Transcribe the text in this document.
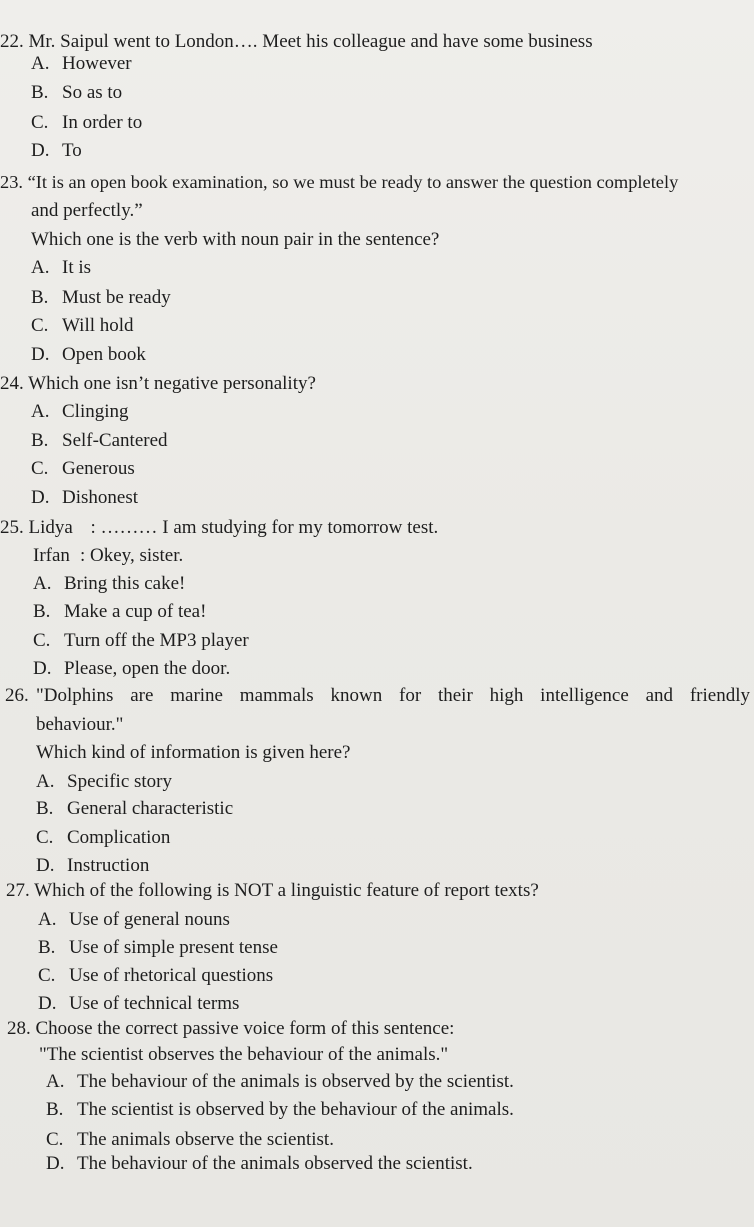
22. Mr. Saipul went to London…. Meet his colleague and have some business
A. However
B. So as to
C. In order to
D. To
23. “It is an open book examination, so we must be ready to answer the question completely
and perfectly.”
Which one is the verb with noun pair in the sentence?
A. It is
B. Must be ready
C. Will hold
D. Open book
24. Which one isn’t negative personality?
A. Clinging
B. Self-Cantered
C. Generous
D. Dishonest
25. Lidya : ……… I am studying for my tomorrow test.
Irfan : Okey, sister.
A. Bring this cake!
B. Make a cup of tea!
C. Turn off the MP3 player
D. Please, open the door.
26. "Dolphins are marine mammals known for their high intelligence and friendly
behaviour."
Which kind of information is given here?
A. Specific story
B. General characteristic
C. Complication
D. Instruction
27. Which of the following is NOT a linguistic feature of report texts?
A. Use of general nouns
B. Use of simple present tense
C. Use of rhetorical questions
D. Use of technical terms
28. Choose the correct passive voice form of this sentence:
"The scientist observes the behaviour of the animals."
A. The behaviour of the animals is observed by the scientist.
B. The scientist is observed by the behaviour of the animals.
C. The animals observe the scientist.
D. The behaviour of the animals observed the scientist.
